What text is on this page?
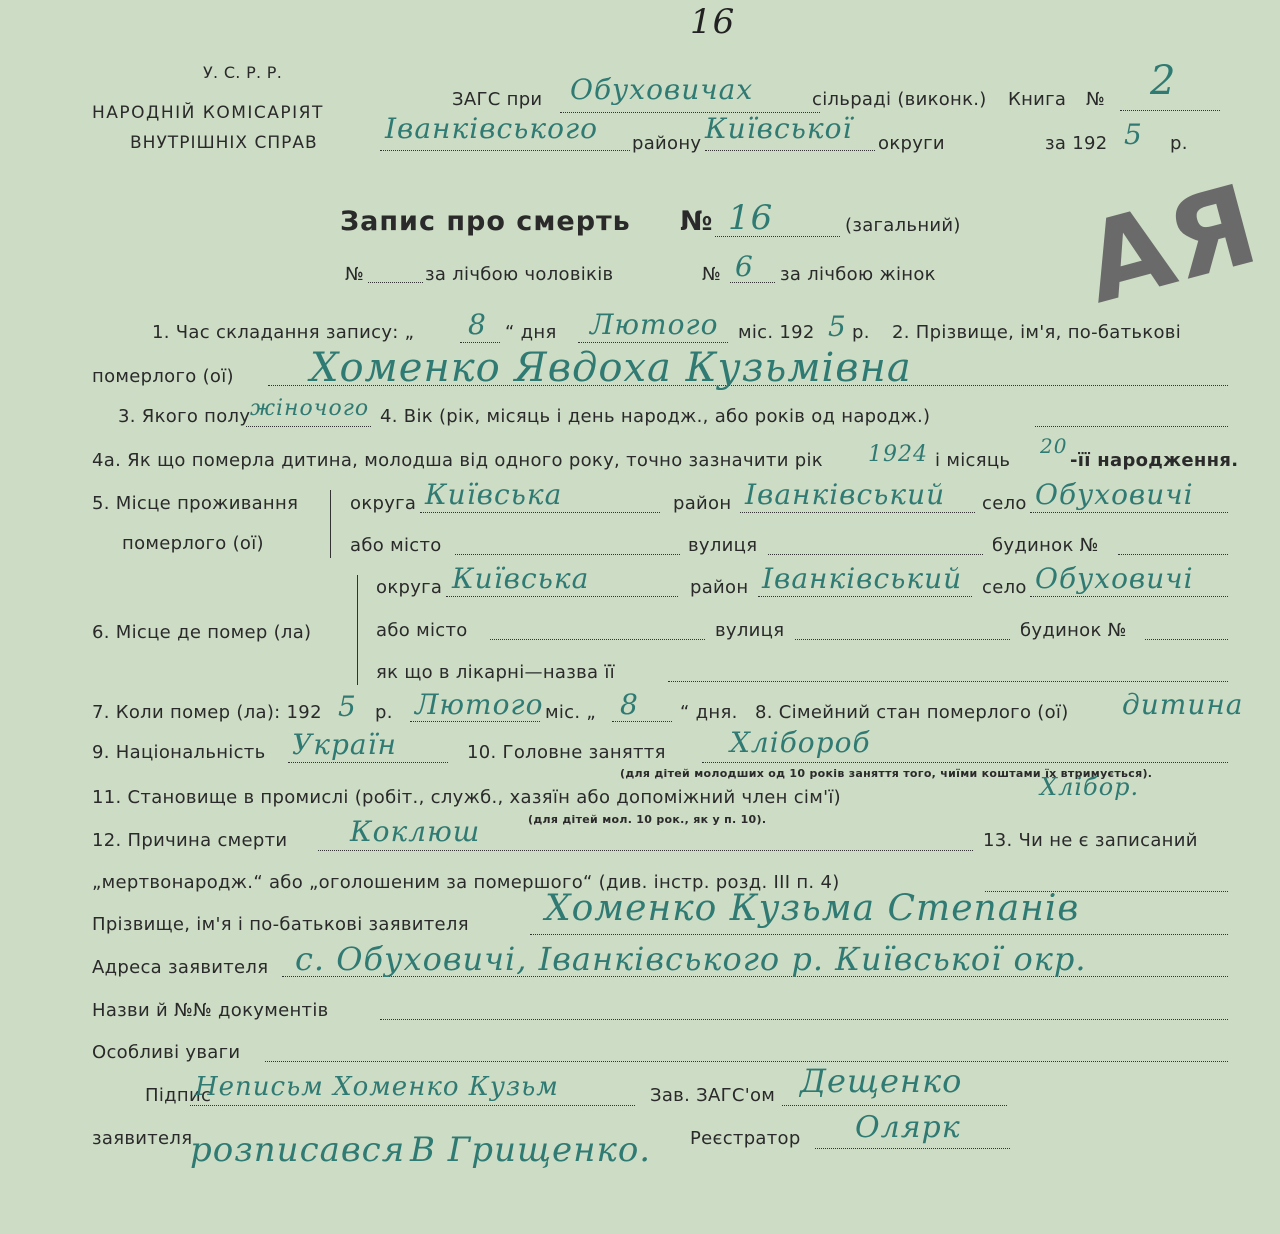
У. С. Р. Р.
НАРОДНІЙ КОМІСАРІЯТ
ВНУТРІШНІХ СПРАВ
16
ЗАГС при Обуховичах	сільраді (виконк.)
Іванківського району Київської округи
Книга № 2
за 192 5 р.
Запис про смерть № 16	(загальний)
№	за лічбою чоловіків	№ 6 за лічбою жінок АЯ
1. Час складання запису: „ 8 “ дня Лютого міс. 192 5 р. 2. Прізвище, ім'я, по-батькові
померлого (ої) Хоменко Явдоха Кузьмівна
3. Якого полу жіночого 4. Вік (рік, місяць і день народж., або років од народж.)
4а. Як що померла дитина, молодша від одного року, точно зазначити рік 1924 і місяць
20
-її народження.
5. Місце проживання
померлого (ої)
округа Київська	район Іванківський село Обуховичі
або місто	вулиця	будинок №
6. Місце де помер (ла)
округа Київська	район Іванківський село Обуховичі
або місто	вулиця	будинок №
як що в лікарні—назва її
7. Коли помер (ла): 192 5 р. Лютого міс. „ 8 “ дня. 8. Сімейний стан померлого (ої) дитина
9. Національність Україн	10. Головне заняття Хлібороб
(для дітей молодших од 10 років заняття того, чиїми коштами їх втримується).
11. Становище в промислі (робіт., служб., хазяїн або допоміжний член сім'ї)	Хлібор.
(для дітей мол. 10 рок., як у п. 10).
12. Причина смерти Коклюш	13. Чи не є записаний
„мертвонародж.“ або „оголошеним за помершого“ (див. інстр. розд. III п. 4)
Прізвище, ім'я і по-батькові заявителя Хоменко Кузьма Степанів
Адреса заявителя с. Обуховичі, Іванківського р. Київської окр.
Назви й №№ документів
Особливі уваги
Підпис
Неписьм Хоменко Кузьм
заявителя
розписався В Грищенко.
Зав. ЗАГС'ом Дещенко
Реєстратор Олярк
